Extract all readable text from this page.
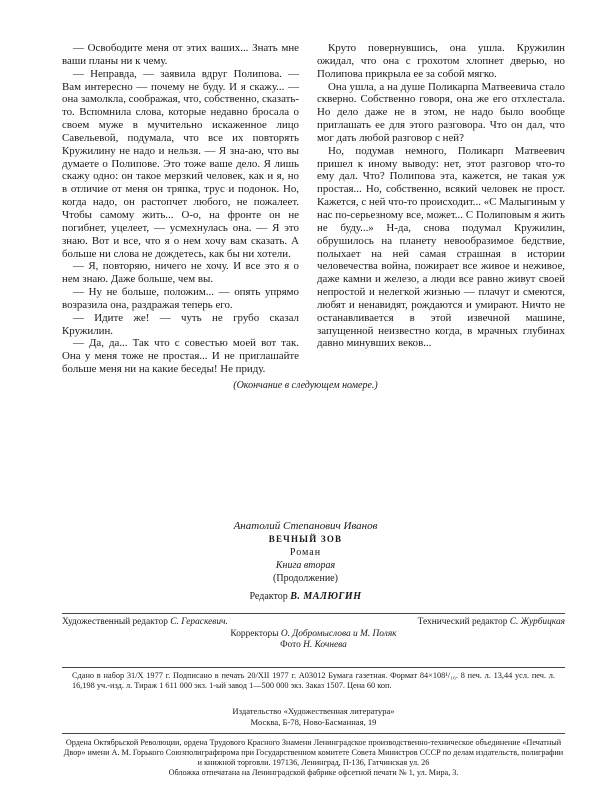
— Освободите меня от этих ваших... Знать мне ваши планы ни к чему.

— Неправда, — заявила вдруг Полипова. — Вам интересно — почему не буду. И я скажу... — она замолкла, соображая, что, собственно, сказать-то. Вспомнила слова, которые недавно бросала о своем муже в мучительно искаженное лицо Савельевой, подумала, что все их повторять Кружилину не надо и нельзя. — Я зна-аю, что вы думаете о Полипове. Это тоже ваше дело. Я лишь скажу одно: он такое мерзкий человек, как и я, но в отличие от меня он тряпка, трус и подонок. Но, когда надо, он растопчет любого, не пожалеет. Чтобы самому жить... О-о, на фронте он не погибнет, уцелеет, — усмехнулась она. — Я это знаю. Вот и все, что я о нем хочу вам сказать. А больше ни слова не дождетесь, как бы ни хотели.

— Я, повторяю, ничего не хочу. И все это я о нем знаю. Даже больше, чем вы.

— Ну не больше, положим... — опять упрямо возразила она, раздражая теперь его.

— Идите же! — чуть не грубо сказал Кружилин.

— Да, да... Так что с совестью моей вот так. Она у меня тоже не простая... И не приглашайте больше меня ни на какие беседы! Не приду.

Круто повернувшись, она ушла. Кружилин ожидал, что она с грохотом хлопнет дверью, но Полипова прикрыла ее за собой мягко.

Она ушла, а на душе Поликарпа Матвеевича стало скверно. Собственно говоря, она же его отхлестала. Но дело даже не в этом, не надо было вообще приглашать ее для этого разговора. Что он дал, что мог дать любой разговор с ней?

Но, подумав немного, Поликарп Матвеевич пришел к иному выводу: нет, этот разговор что-то ему дал. Что? Полипова эта, кажется, не такая уж простая... Но, собственно, всякий человек не прост. Кажется, с ней что-то происходит... «С Малыгиным у нас по-серьезному все, может... С Полиповым я жить не буду...» Н-да, снова подумал Кружилин, обрушилось на планету невообразимое бедствие, полыхает на ней самая страшная в истории человечества война, пожирает все живое и неживое, даже камни и железо, а люди все равно живут своей непростой и нелегкой жизнью — плачут и смеются, любят и ненавидят, рождаются и умирают. Ничто не останавливается в этой извечной машине, запущенной неизвестно когда, в мрачных глубинах давно минувших веков...

(Окончание в следующем номере.)
Анатолий Степанович Иванов
ВЕЧНЫЙ ЗОВ
Роман
Книга вторая
(Продолжение)
Редактор В. МАЛЮГИН
Художественный редактор С. Гераскевич.	Технический редактор С. Журбицкая
Корректоры О. Добромыслова и М. Поляк
Фото Н. Кочнева
Сдано в набор 31/X 1977 г. Подписано в печать 20/XII 1977 г. А03012 Бумага газетная. Формат 84×108¹/₁₆. 8 печ. л. 13,44 усл. печ. л. 16,198 уч.-изд. л. Тираж 1 611 000 экз. 1-ый завод 1—500 000 экз. Заказ 1507. Цена 60 коп.
Издательство «Художественная литература»
Москва, Б-78, Ново-Басманная, 19
Ордена Октябрьской Революции, ордена Трудового Красного Знамени Ленинградское производственно-техническое объединение «Печатный Двор» имени А. М. Горького Союзполиграфпрома при Государственном комитете Совета Министров СССР по делам издательств, полиграфии и книжной торговли. 197136, Ленинград, П-136, Гатчинская ул. 26
Обложка отпечатана на Ленинградской фабрике офсетной печати № 1, ул. Мира, 3.
